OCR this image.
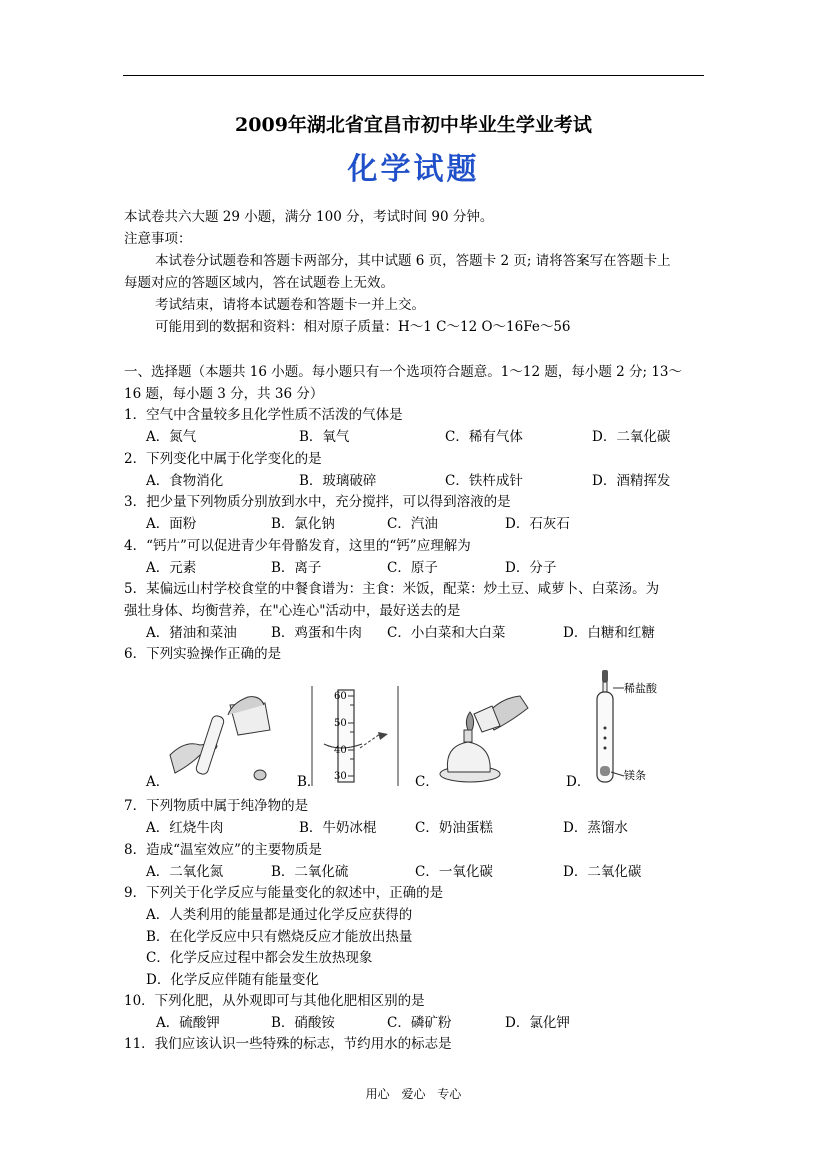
2009年湖北省宜昌市初中毕业生学业考试
化学试题
本试卷共六大题 29 小题，满分 100 分，考试时间 90 分钟。
注意事项：
本试卷分试题卷和答题卡两部分，其中试题 6 页，答题卡 2 页; 请将答案写在答题卡上
每题对应的答题区域内，答在试题卷上无效。
考试结束，请将本试题卷和答题卡一并上交。
可能用到的数据和资料：相对原子质量：H～1 C～12 O～16Fe～56
一、选择题（本题共 16 小题。每小题只有一个选项符合题意。1～12 题，每小题 2 分; 13～
16 题，每小题 3 分，共 36 分）
1．空气中含量较多且化学性质不活泼的气体是
A．氮气	B．氧气	C．稀有气体	D．二氧化碳
2．下列变化中属于化学变化的是
A．食物消化	B．玻璃破碎	C．铁杵成针	D．酒精挥发
3．把少量下列物质分别放到水中，充分搅拌，可以得到溶液的是
A．面粉	B．氯化钠	C．汽油	D．石灰石
4．“钙片”可以促进青少年骨骼发育，这里的“钙”应理解为
A．元素	B．离子	C．原子	D．分子
5．某偏远山村学校食堂的中餐食谱为：主食：米饭，配菜：炒土豆、咸萝卜、白菜汤。为
强壮身体、均衡营养，在"心连心"活动中，最好送去的是
A．猪油和菜油	B．鸡蛋和牛肉 C．小白菜和大白菜	D．白糖和红糖
6．下列实验操作正确的是
A．
60
50
40
30
B．	C．
稀盐酸
镁条
D．
7．下列物质中属于纯净物的是
A．红烧牛肉	B．牛奶冰棍	C．奶油蛋糕	D．蒸馏水
8．造成“温室效应”的主要物质是
A．二氧化氮	B．二氧化硫	C．一氧化碳	D．二氧化碳
9．下列关于化学反应与能量变化的叙述中，正确的是
A．人类利用的能量都是通过化学反应获得的
B．在化学反应中只有燃烧反应才能放出热量
C．化学反应过程中都会发生放热现象
D．化学反应伴随有能量变化
10．下列化肥，从外观即可与其他化肥相区别的是
A．硫酸钾	B．硝酸铵	C．磷矿粉	D．氯化钾
11．我们应该认识一些特殊的标志，节约用水的标志是
用心 爱心 专心
